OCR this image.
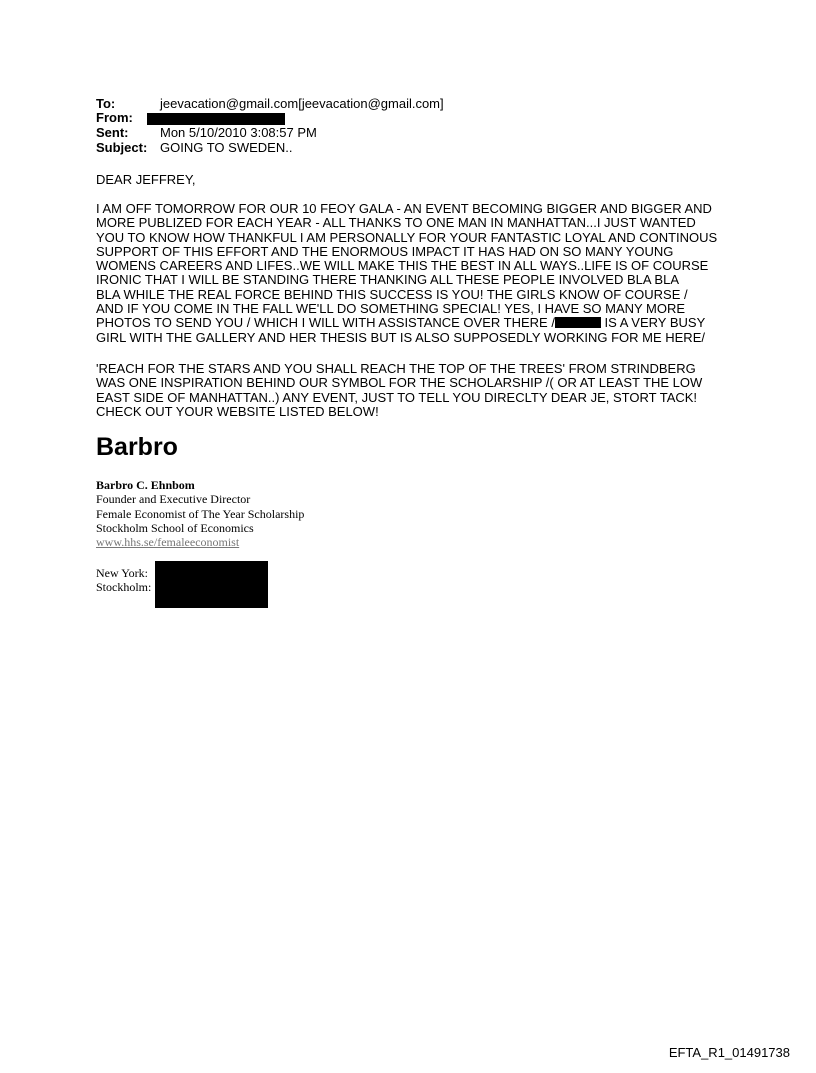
To:	jeevacation@gmail.com[jeevacation@gmail.com]
From:
Sent: Mon 5/10/2010 3:08:57 PM
Subject: GOING TO SWEDEN..
DEAR JEFFREY,
I AM OFF TOMORROW FOR OUR 10 FEOY GALA - AN EVENT BECOMING BIGGER AND BIGGER AND
MORE PUBLIZED FOR EACH YEAR - ALL THANKS TO ONE MAN IN MANHATTAN...I JUST WANTED
YOU TO KNOW HOW THANKFUL I AM PERSONALLY FOR YOUR FANTASTIC LOYAL AND CONTINOUS
SUPPORT OF THIS EFFORT AND THE ENORMOUS IMPACT IT HAS HAD ON SO MANY YOUNG
WOMENS CAREERS AND LIFES..WE WILL MAKE THIS THE BEST IN ALL WAYS..LIFE IS OF COURSE
IRONIC THAT I WILL BE STANDING THERE THANKING ALL THESE PEOPLE INVOLVED BLA BLA
BLA WHILE THE REAL FORCE BEHIND THIS SUCCESS IS YOU! THE GIRLS KNOW OF COURSE /
AND IF YOU COME IN THE FALL WE'LL DO SOMETHING SPECIAL! YES, I HAVE SO MANY MORE
PHOTOS TO SEND YOU / WHICH I WILL WITH ASSISTANCE OVER THERE /	IS A VERY BUSY
GIRL WITH THE GALLERY AND HER THESIS BUT IS ALSO SUPPOSEDLY WORKING FOR ME HERE/
'REACH FOR THE STARS AND YOU SHALL REACH THE TOP OF THE TREES' FROM STRINDBERG
WAS ONE INSPIRATION BEHIND OUR SYMBOL FOR THE SCHOLARSHIP /( OR AT LEAST THE LOW
EAST SIDE OF MANHATTAN..) ANY EVENT, JUST TO TELL YOU DIRECLTY DEAR JE, STORT TACK!
CHECK OUT YOUR WEBSITE LISTED BELOW!
Barbro
Barbro C. Ehnbom
Founder and Executive Director
Female Economist of The Year Scholarship
Stockholm School of Economics
www.hhs.se/femaleeconomist
New York:
Stockholm:
EFTA_R1_01491738
